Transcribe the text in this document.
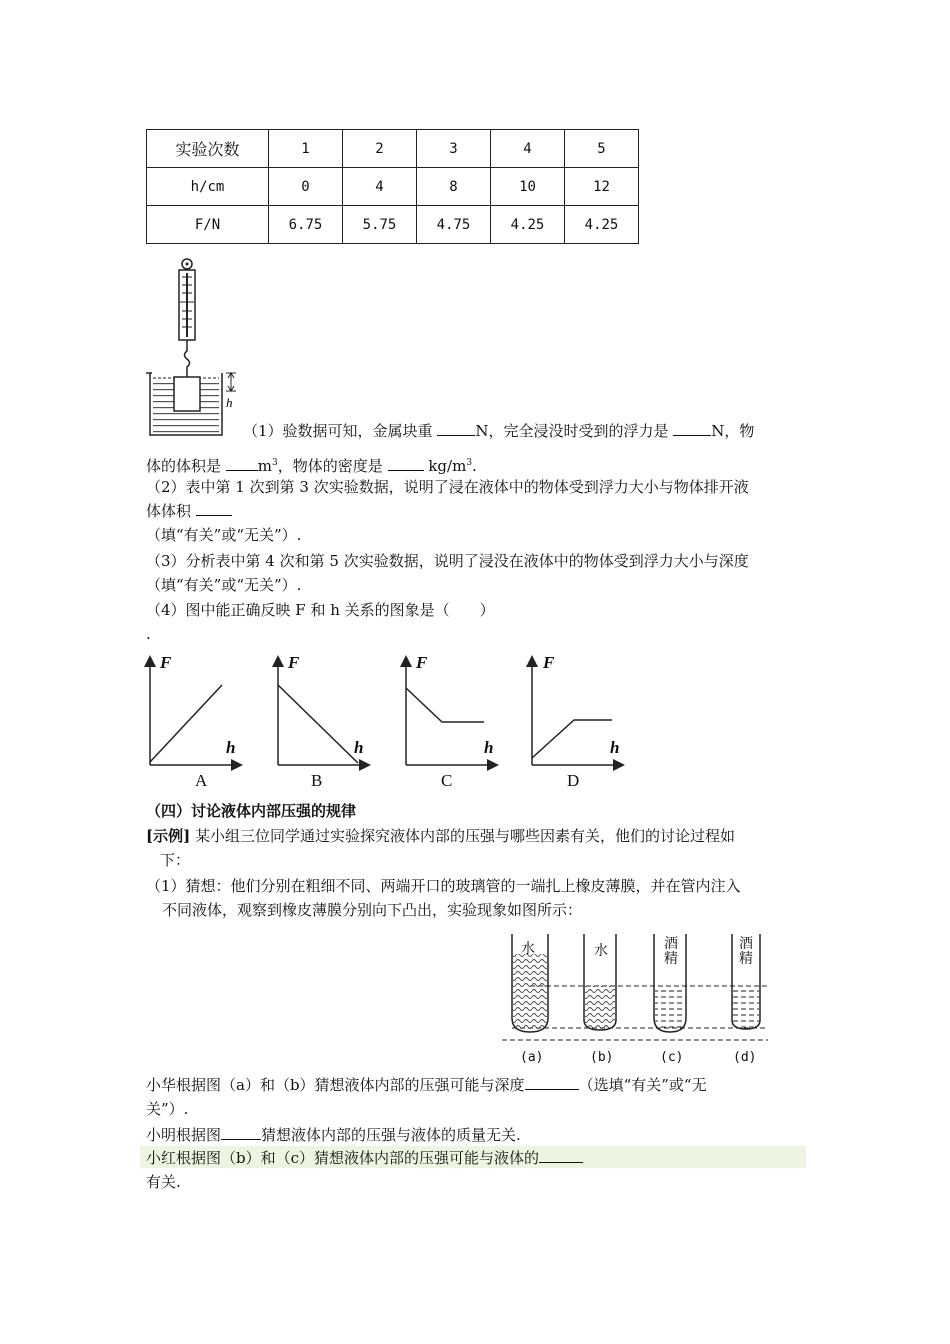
实验次数	1	2	3	4	5
h/cm	0	4	8	10	12
F/N	6.75	5.75	4.75	4.25	4.25
h
（1）验数据可知，金属块重	N，完全浸没时受到的浮力是	N，物
体的体积是 $m^3$，物体的密度是	$kg/m^3$.
（2）表中第 1 次到第 3 次实验数据，说明了浸在液体中的物体受到浮力大小与物体排开液
体体积
（填“有关”或“无关”）.
（3）分析表中第 4 次和第 5 次实验数据，说明了浸没在液体中的物体受到浮力大小与深度
（填“有关”或“无关”）.
（4）图中能正确反映 F 和 h 关系的图象是（　　）
.
F
h
F
h
F
h
F
h
A	B	C	D
（四）讨论液体内部压强的规律
[示例] 某小组三位同学通过实验探究液体内部的压强与哪些因素有关，他们的讨论过程如
下：
（1）猜想：他们分别在粗细不同、两端开口的玻璃管的一端扎上橡皮薄膜，并在管内注入
不同液体，观察到橡皮薄膜分别向下凸出，实验现象如图所示：
水	水	酒精
酒精
(a)	(b)	(c)	(d)
小华根据图（a）和（b）猜想液体内部的压强可能与深度	（选填“有关”或“无
关”）.
小明根据图	猜想液体内部的压强与液体的质量无关.
小红根据图（b）和（c）猜想液体内部的压强可能与液体的
有关.
